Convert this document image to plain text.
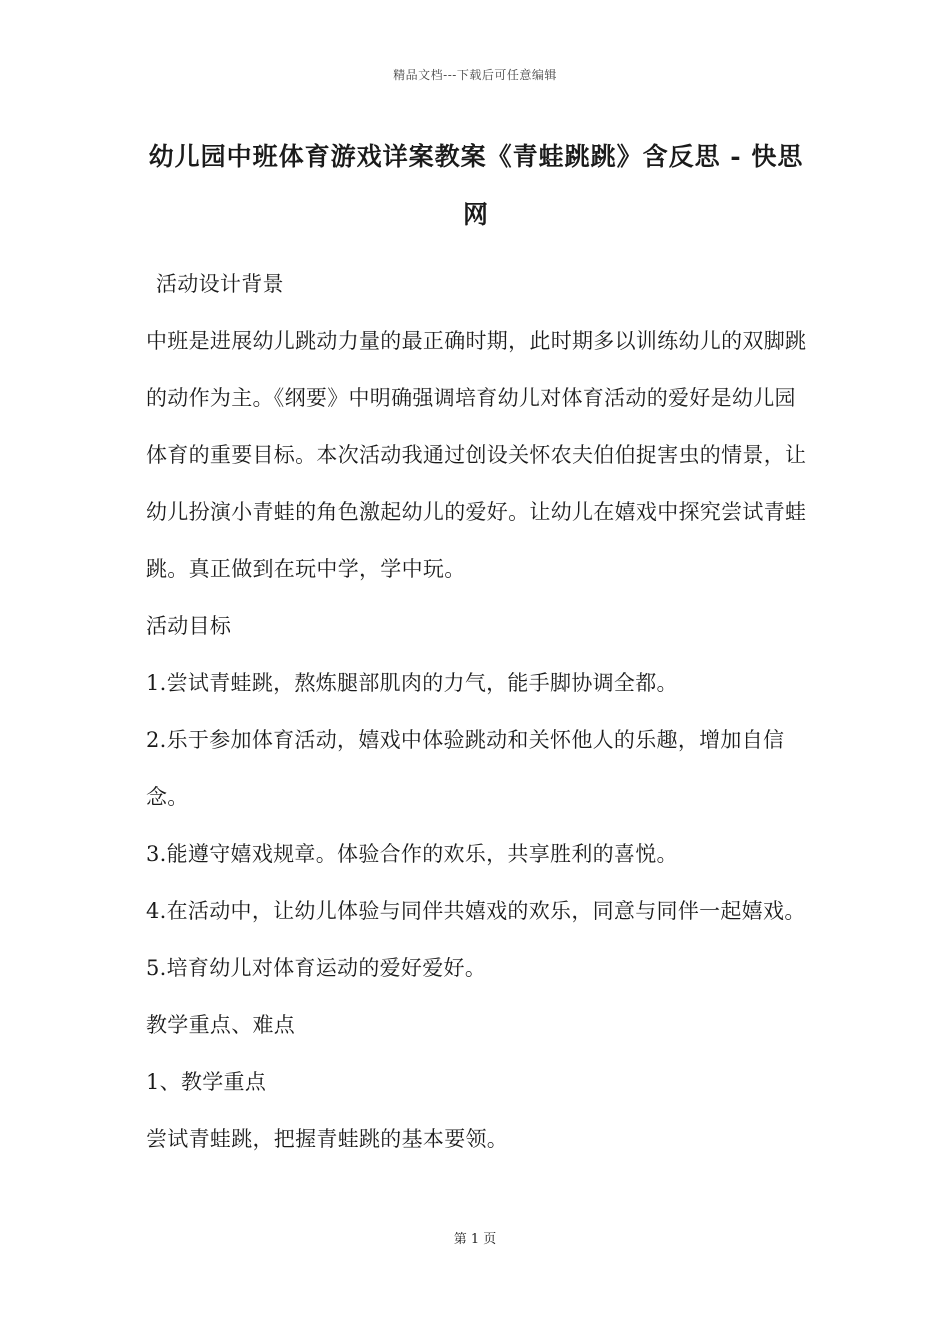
精品文档---下载后可任意编辑
幼儿园中班体育游戏详案教案《青蛙跳跳》含反思 - 快思网

活动设计背景

中班是进展幼儿跳动力量的最正确时期，此时期多以训练幼儿的双脚跳的动作为主。《纲要》中明确强调培育幼儿对体育活动的爱好是幼儿园体育的重要目标。本次活动我通过创设关怀农夫伯伯捉害虫的情景，让幼儿扮演小青蛙的角色激起幼儿的爱好。让幼儿在嬉戏中探究尝试青蛙跳。真正做到在玩中学，学中玩。

活动目标

1.尝试青蛙跳，熬炼腿部肌肉的力气，能手脚协调全都。

2.乐于参加体育活动，嬉戏中体验跳动和关怀他人的乐趣，增加自信念。

3.能遵守嬉戏规章。体验合作的欢乐，共享胜利的喜悦。

4.在活动中，让幼儿体验与同伴共嬉戏的欢乐，同意与同伴一起嬉戏。

5.培育幼儿对体育运动的爱好爱好。

教学重点、难点

1、教学重点

尝试青蛙跳，把握青蛙跳的基本要领。

第 1 页
